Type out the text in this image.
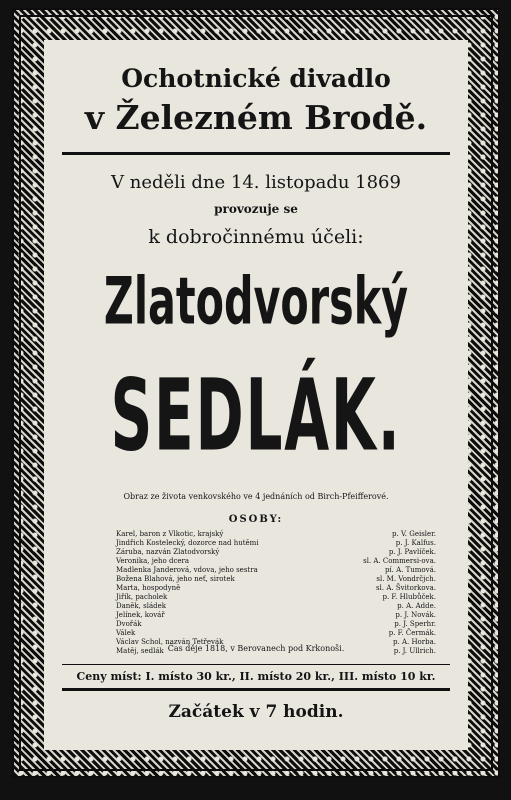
Ochotnické divadlo
v Železném Brodě.
V neděli dne 14. listopadu 1869
provozuje se
k dobročinnému účeli:
Zlatodvorský
SEDLÁK.
Obraz ze života venkovského ve 4 jednáních od Birch-Pfeifferové.
OSOBY:
Karel, baron z Vlkotic, krajský	p. V. Geisler.
Jindřich Kostelecký, dozorce nad hutěmi	p. J. Kalfus.
Záruba, nazván Zlatodvorský	p. J. Pavlíček.
Veronika, jeho dcera	sl. A. Commersi-ova.
Madlenka Janderová, vdova, jeho sestra	pí. A. Tumová.
Božena Blahová, jeho neť, sirotek	sl. M. Vondrčjch.
Marta, hospodyně	sl. A. Švitorkova.
Jiřík, pacholek	p. F. Hlubůček.
Daněk, sládek	p. A. Adde.
Jelínek, kovář	p. J. Novák.
Dvořák	p. J. Sperhr.
Válek	p. F. Čermák.
Václav Schol, nazván Tetřevák	p. A. Horba.
Matěj, sedlák	p. J. Ullrich.
Čas děje 1818, v Berovanech pod Krkonoši.
Ceny míst: I. místo 30 kr., II. místo 20 kr., III. místo 10 kr.
Začátek v 7 hodin.
